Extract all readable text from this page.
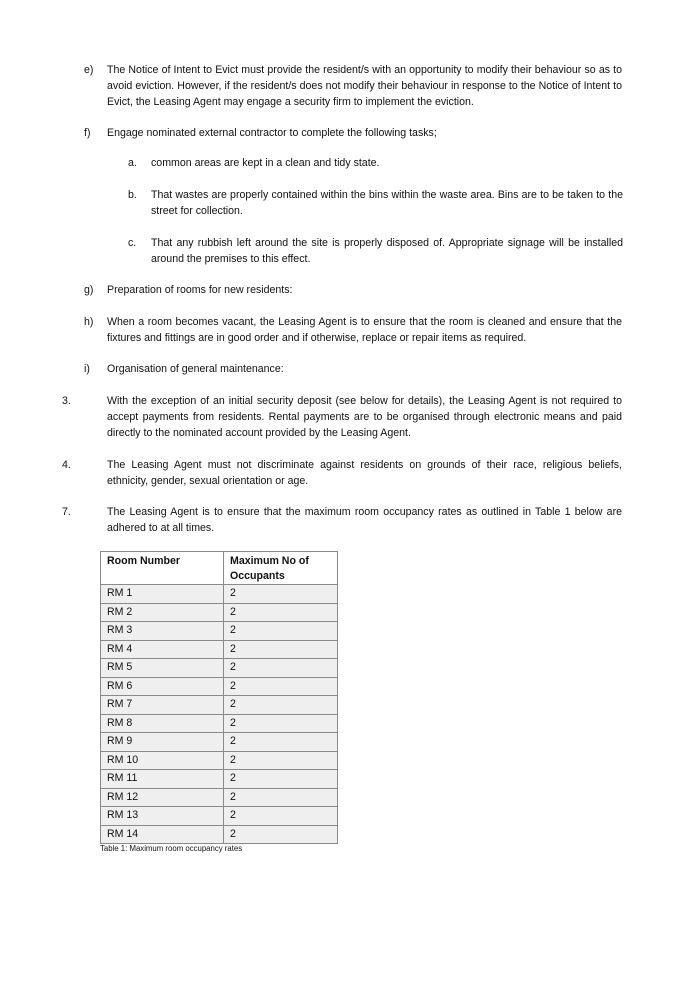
e) The Notice of Intent to Evict must provide the resident/s with an opportunity to modify their behaviour so as to avoid eviction. However, if the resident/s does not modify their behaviour in response to the Notice of Intent to Evict, the Leasing Agent may engage a security firm to implement the eviction.
f) Engage nominated external contractor to complete the following tasks;
a. common areas are kept in a clean and tidy state.
b. That wastes are properly contained within the bins within the waste area. Bins are to be taken to the street for collection.
c. That any rubbish left around the site is properly disposed of. Appropriate signage will be installed around the premises to this effect.
g) Preparation of rooms for new residents:
h) When a room becomes vacant, the Leasing Agent is to ensure that the room is cleaned and ensure that the fixtures and fittings are in good order and if otherwise, replace or repair items as required.
i) Organisation of general maintenance:
3.	With the exception of an initial security deposit (see below for details), the Leasing Agent is not required to accept payments from residents. Rental payments are to be organised through electronic means and paid directly to the nominated account provided by the Leasing Agent.
4.	The Leasing Agent must not discriminate against residents on grounds of their race, religious beliefs, ethnicity, gender, sexual orientation or age.
7.	The Leasing Agent is to ensure that the maximum room occupancy rates as outlined in Table 1 below are adhered to at all times.
Room Number	Maximum No of Occupants
RM 1	2
RM 2	2
RM 3	2
RM 4	2
RM 5	2
RM 6	2
RM 7	2
RM 8	2
RM 9	2
RM 10	2
RM 11	2
RM 12	2
RM 13	2
RM 14	2
Table 1: Maximum room occupancy rates
